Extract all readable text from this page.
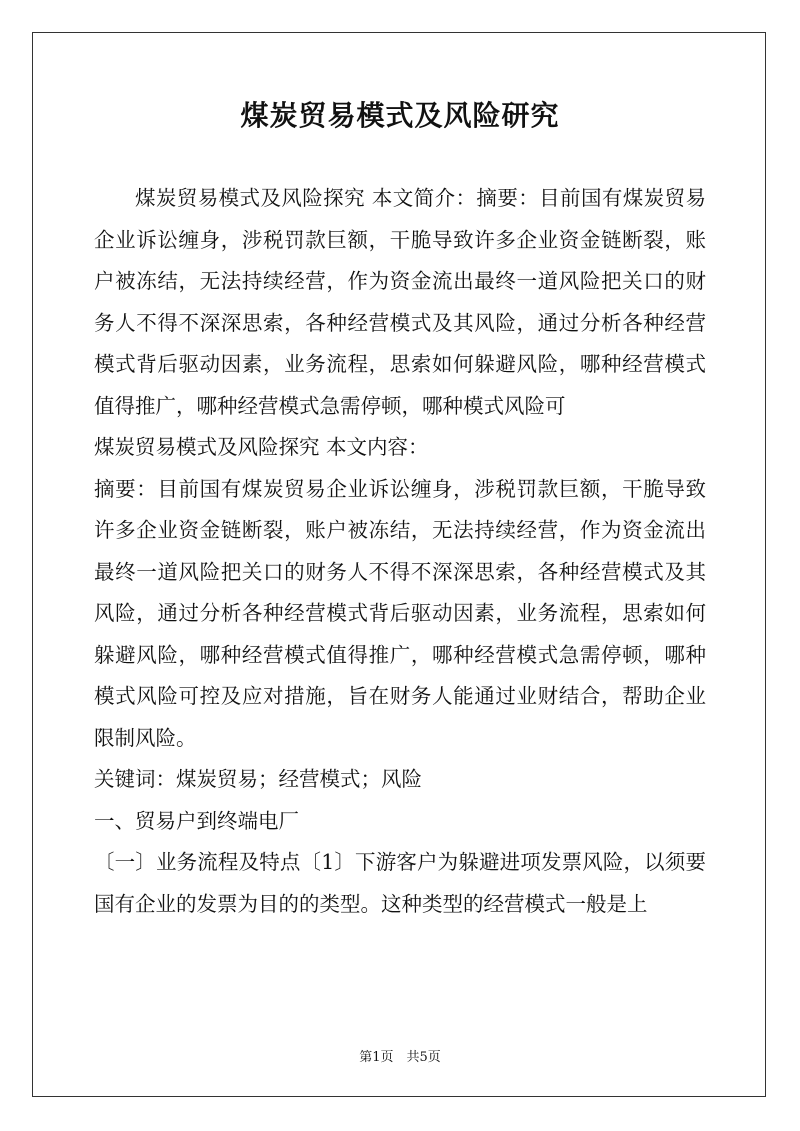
煤炭贸易模式及风险研究

煤炭贸易模式及风险探究 本文简介：摘要：目前国有煤炭贸易企业诉讼缠身，涉税罚款巨额，干脆导致许多企业资金链断裂，账户被冻结，无法持续经营，作为资金流出最终一道风险把关口的财务人不得不深深思索，各种经营模式及其风险，通过分析各种经营模式背后驱动因素，业务流程，思索如何躲避风险，哪种经营模式值得推广，哪种经营模式急需停顿，哪种模式风险可

煤炭贸易模式及风险探究 本文内容：

摘要：目前国有煤炭贸易企业诉讼缠身，涉税罚款巨额，干脆导致许多企业资金链断裂，账户被冻结，无法持续经营，作为资金流出最终一道风险把关口的财务人不得不深深思索，各种经营模式及其风险，通过分析各种经营模式背后驱动因素，业务流程，思索如何躲避风险，哪种经营模式值得推广，哪种经营模式急需停顿，哪种模式风险可控及应对措施，旨在财务人能通过业财结合，帮助企业限制风险。

关键词：煤炭贸易；经营模式；风险

一、贸易户到终端电厂

〔一〕业务流程及特点〔1〕下游客户为躲避进项发票风险，以须要国有企业的发票为目的的类型。这种类型的经营模式一般是上

第1页　共5页
